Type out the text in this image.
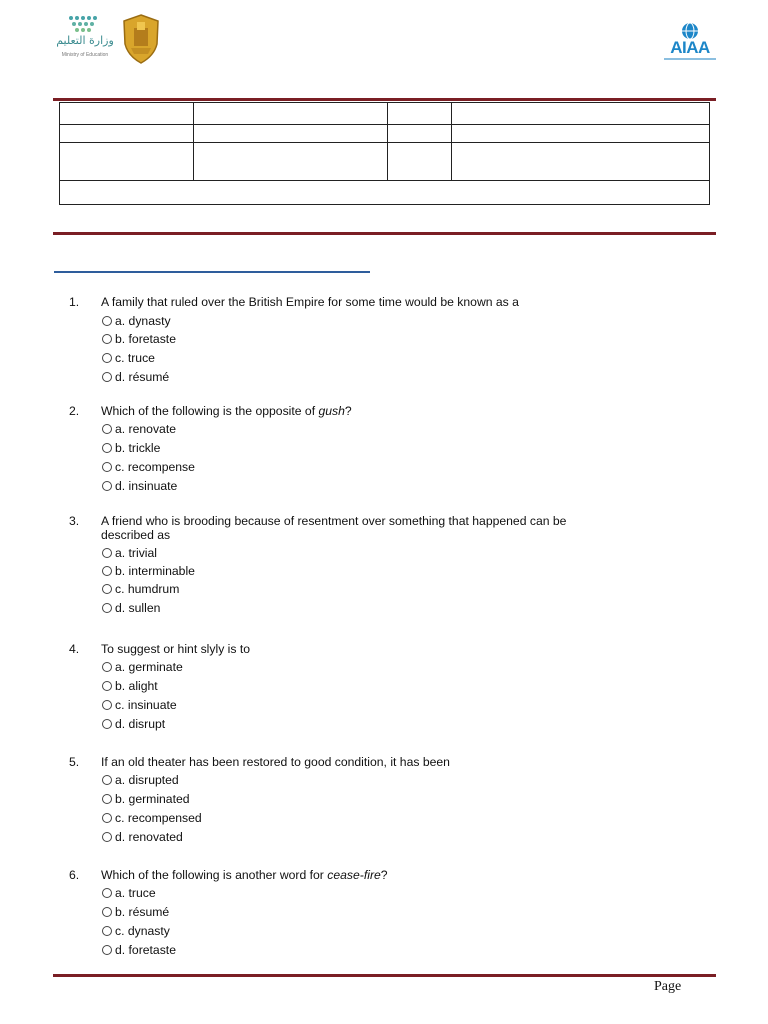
وزارة التعليم
Ministry of Education	AIAA

1. A family that ruled over the British Empire for some time would be known as a
a. dynasty
b. foretaste
c. truce
d. résumé
2. Which of the following is the opposite of gush?
a. renovate
b. trickle
c. recompense
d. insinuate
3. A friend who is brooding because of resentment over something that happened can be
described as
a. trivial
b. interminable
c. humdrum
d. sullen
4. To suggest or hint slyly is to
a. germinate
b. alight
c. insinuate
d. disrupt
5. If an old theater has been restored to good condition, it has been
a. disrupted
b. germinated
c. recompensed
d. renovated
6. Which of the following is another word for cease-fire?
a. truce
b. résumé
c. dynasty
d. foretaste
Page
